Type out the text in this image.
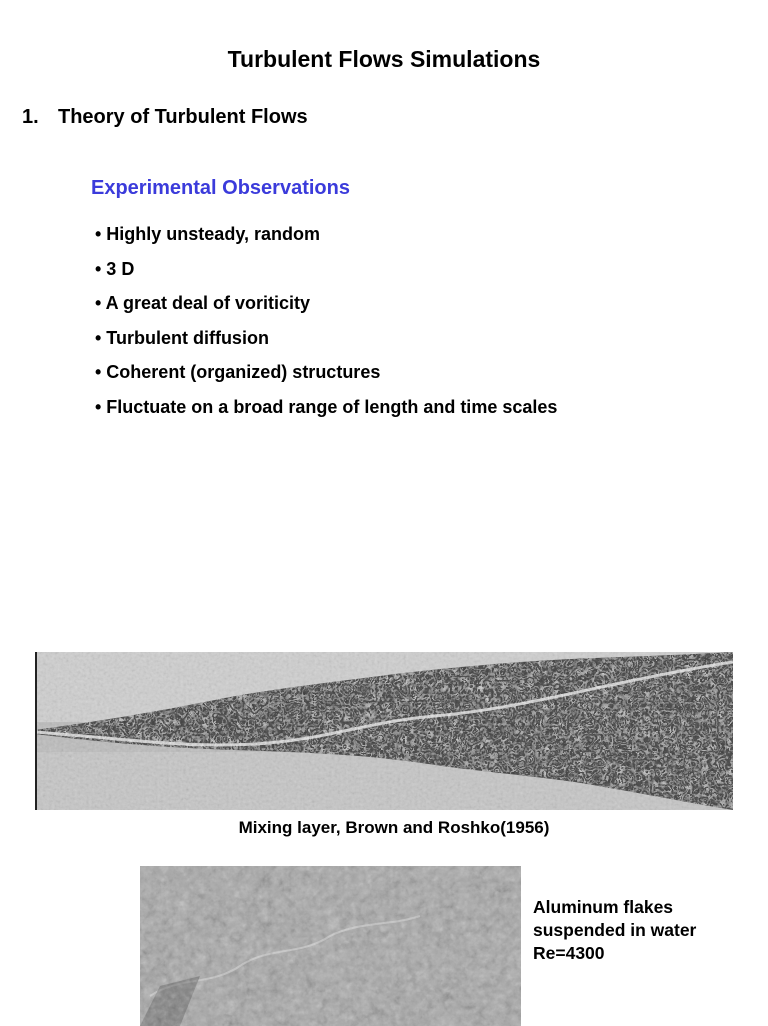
Turbulent Flows Simulations
1. Theory of Turbulent Flows
Experimental Observations
• Highly unsteady, random
• 3 D
• A great deal of voriticity
• Turbulent diffusion
• Coherent (organized) structures
• Fluctuate on a broad range of length and time scales
Mixing layer, Brown and Roshko(1956)
Aluminum flakes
suspended in water
Re=4300
